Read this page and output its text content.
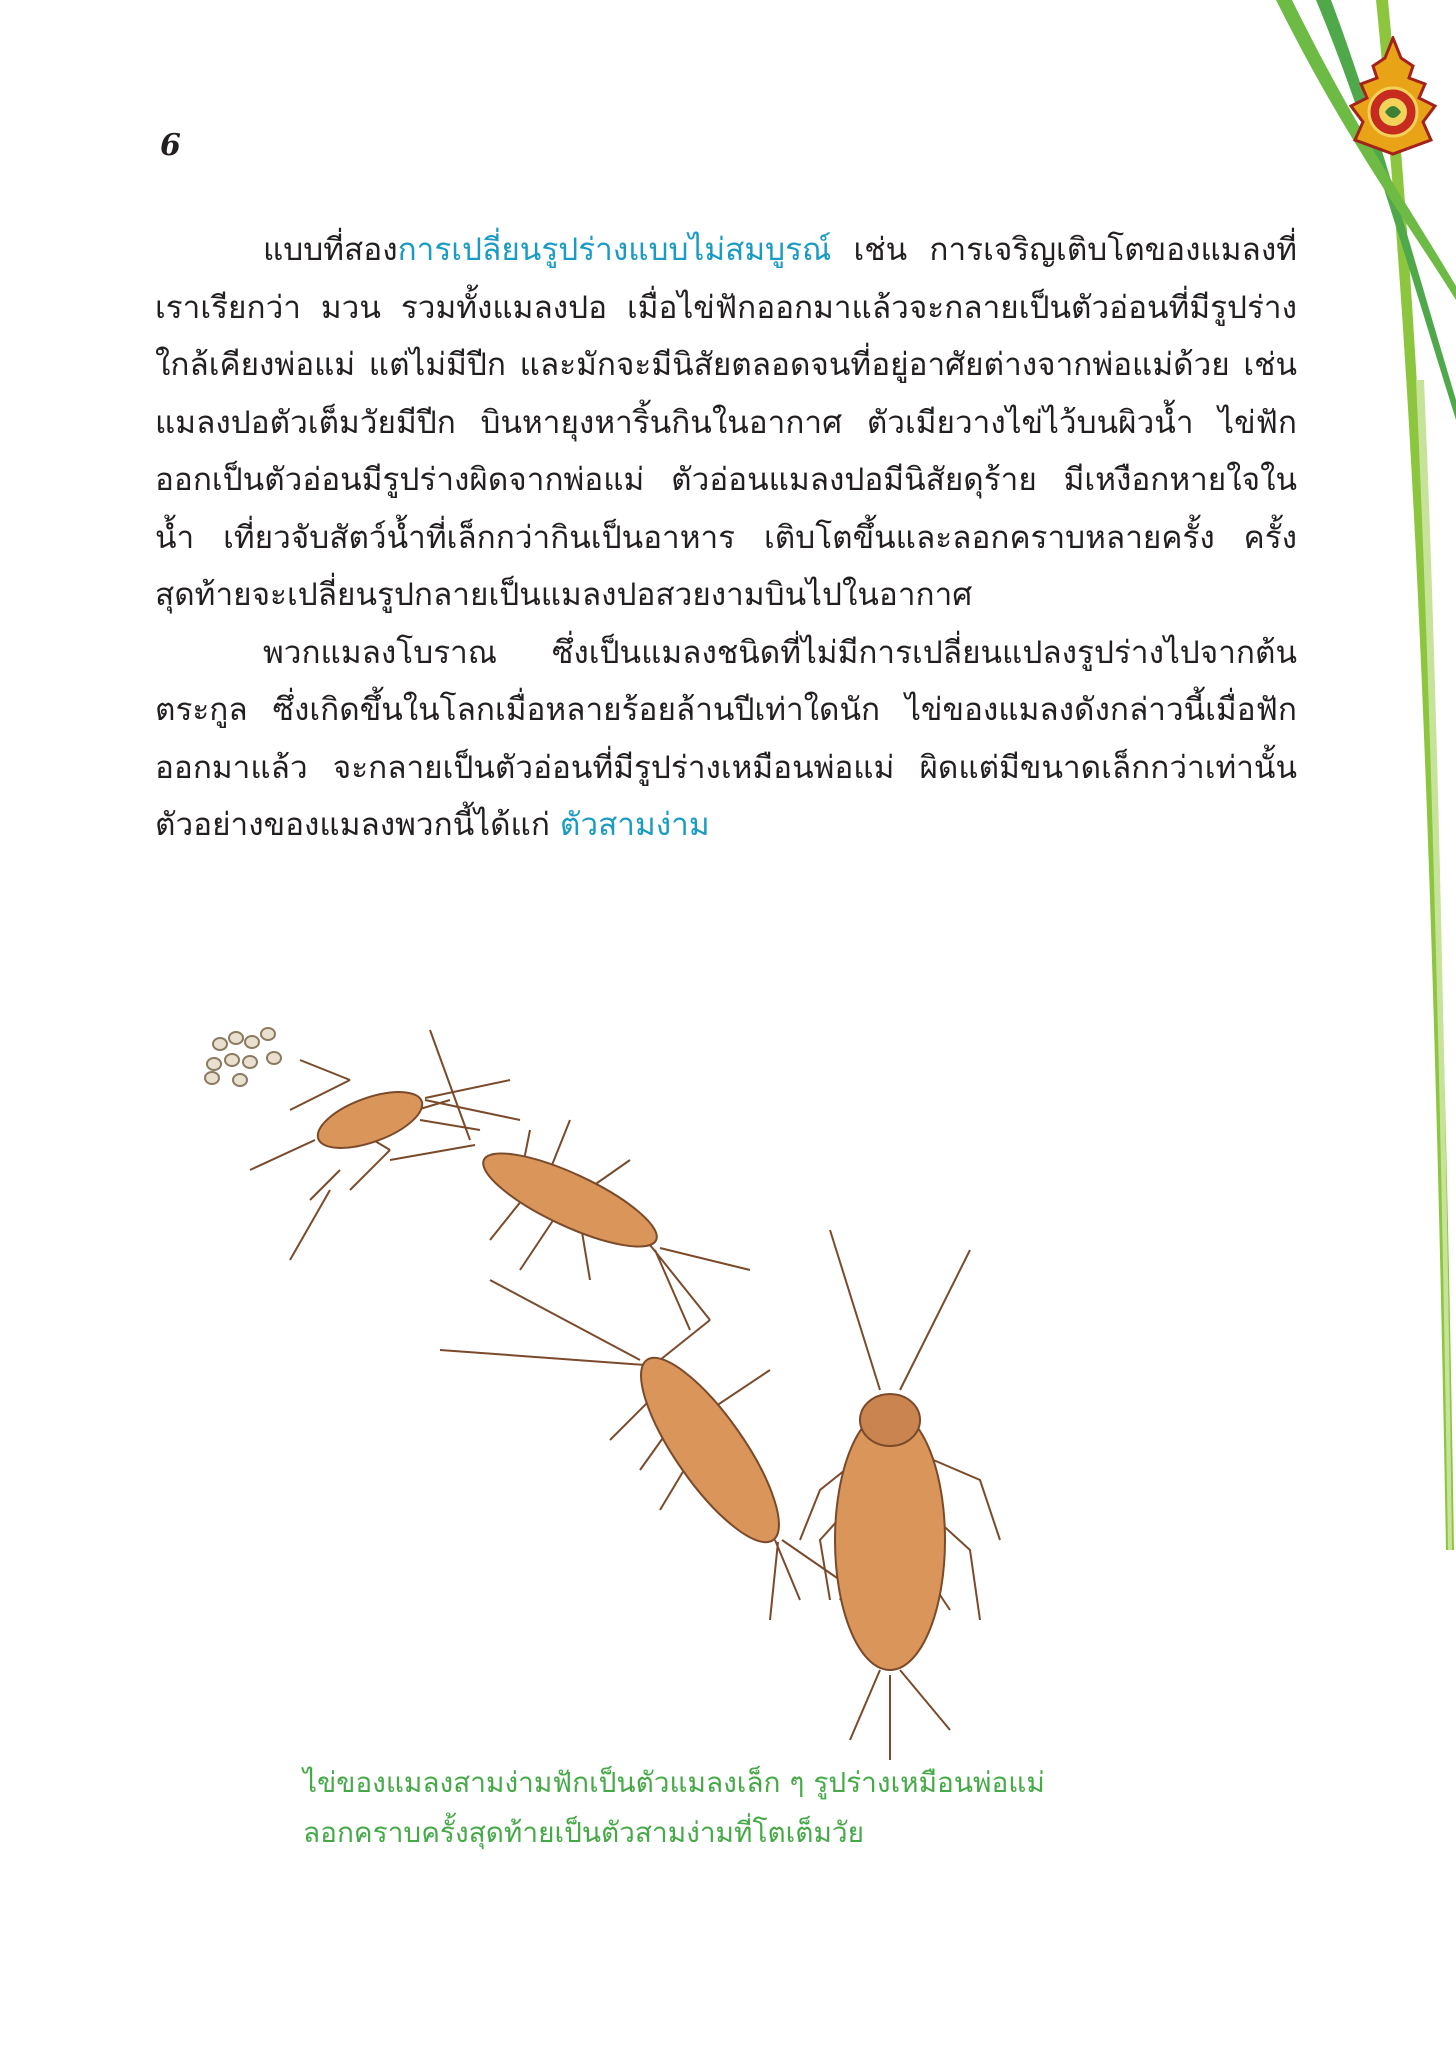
6

แบบที่สองการเปลี่ยนรูปร่างแบบไม่สมบูรณ์ เช่น การเจริญเติบโตของแมลงที่เราเรียกว่า มวน รวมทั้งแมลงปอ เมื่อไข่ฟักออกมาแล้วจะกลายเป็นตัวอ่อนที่มีรูปร่างใกล้เคียงพ่อแม่ แต่ไม่มีปีก และมักจะมีนิสัยตลอดจนที่อยู่อาศัยต่างจากพ่อแม่ด้วย เช่น แมลงปอตัวเต็มวัยมีปีก บินหายุงหาริ้นกินในอากาศ ตัวเมียวางไข่ไว้บนผิวน้ำ ไข่ฟักออกเป็นตัวอ่อนมีรูปร่างผิดจากพ่อแม่ ตัวอ่อนแมลงปอมีนิสัยดุร้าย มีเหงือกหายใจในน้ำ เที่ยวจับสัตว์น้ำที่เล็กกว่ากินเป็นอาหาร เติบโตขึ้นและลอกคราบหลายครั้ง ครั้งสุดท้ายจะเปลี่ยนรูปกลายเป็นแมลงปอสวยงามบินไปในอากาศ

พวกแมลงโบราณ ซึ่งเป็นแมลงชนิดที่ไม่มีการเปลี่ยนแปลงรูปร่างไปจากต้นตระกูล ซึ่งเกิดขึ้นในโลกเมื่อหลายร้อยล้านปีเท่าใดนัก ไข่ของแมลงดังกล่าวนี้เมื่อฟักออกมาแล้ว จะกลายเป็นตัวอ่อนที่มีรูปร่างเหมือนพ่อแม่ ผิดแต่มีขนาดเล็กกว่าเท่านั้น ตัวอย่างของแมลงพวกนี้ได้แก่ ตัวสามง่าม

ไข่ของแมลงสามง่ามฟักเป็นตัวแมลงเล็ก ๆ รูปร่างเหมือนพ่อแม่
ลอกคราบครั้งสุดท้ายเป็นตัวสามง่ามที่โตเต็มวัย
